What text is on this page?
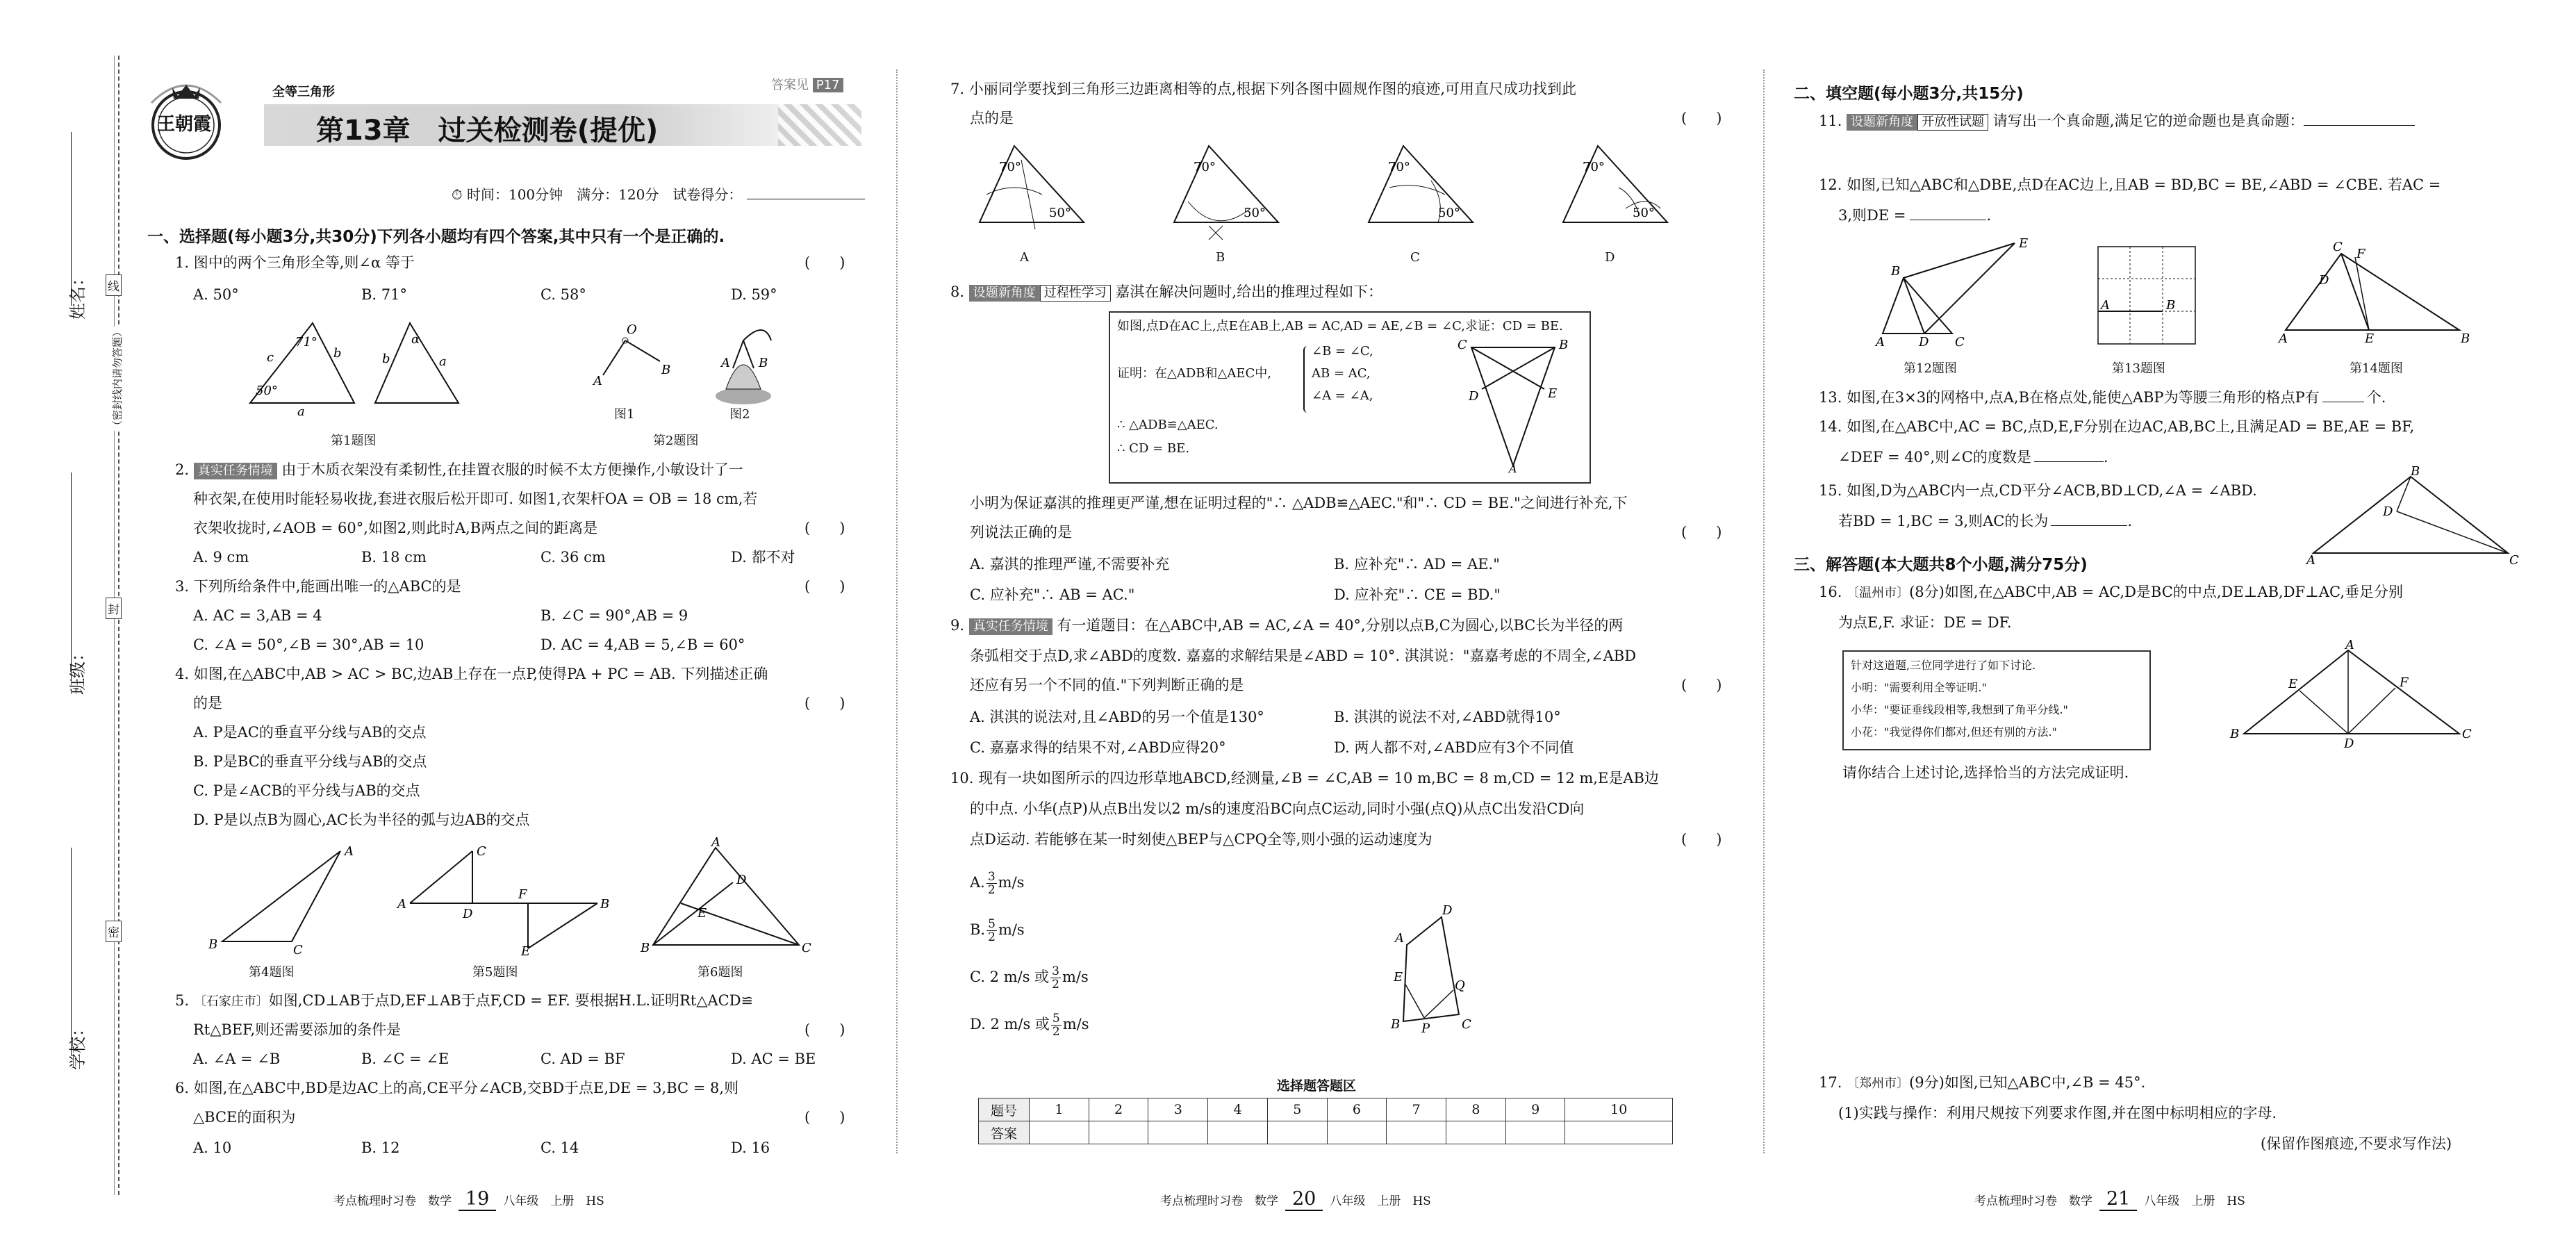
姓名：
班级：
学校：
线
封
密
（密封线内请勿答题）
王朝霞
全等三角形	答案见 P17
第13章　过关检测卷(提优)
⏱ 时间：100分钟　满分：120分　试卷得分：
一、选择题(每小题3分,共30分)下列各小题均有四个答案,其中只有一个是正确的.
1. 图中的两个三角形全等,则∠α 等于	(　　)
A. 50°	B. 71°	C. 58°	D. 59°
71°
50°
c	b
a
α
b	a
第1题图
O
A
B	A B
图1	图2
第2题图
2. 真实任务情境 由于木质衣架没有柔韧性,在挂置衣服的时候不太方便操作,小敏设计了一
种衣架,在使用时能轻易收拢,套进衣服后松开即可. 如图1,衣架杆OA = OB = 18 cm,若
衣架收拢时,∠AOB = 60°,如图2,则此时A,B两点之间的距离是	(　　)
A. 9 cm	B. 18 cm	C. 36 cm	D. 都不对
3. 下列所给条件中,能画出唯一的△ABC的是	(　　)
A. AC = 3,AB = 4	B. ∠C = 90°,AB = 9
C. ∠A = 50°,∠B = 30°,AB = 10	D. AC = 4,AB = 5,∠B = 60°
4. 如图,在△ABC中,AB > AC > BC,边AB上存在一点P,使得PA + PC = AB. 下列描述正确
的是	(　　)
A. P是AC的垂直平分线与AB的交点
B. P是BC的垂直平分线与AB的交点
C. P是∠ACB的平分线与AB的交点
D. P是以点B为圆心,AC长为半径的弧与边AB的交点
A
B	C
A
C
D
F
B
E
A
B	C
D
E
第4题图	第5题图	第6题图
5. 〔石家庄市〕如图,CD⊥AB于点D,EF⊥AB于点F,CD = EF. 要根据H.L.证明Rt△ACD≌
Rt△BEF,则还需要添加的条件是	(　　)
A. ∠A = ∠B	B. ∠C = ∠E	C. AD = BF	D. AC = BE
6. 如图,在△ABC中,BD是边AC上的高,CE平分∠ACB,交BD于点E,DE = 3,BC = 8,则
△BCE的面积为	(　　)
A. 10	B. 12	C. 14	D. 16
考点梳理时习卷　数学 19 八年级　上册　HS
7. 小丽同学要找到三角形三边距离相等的点,根据下列各图中圆规作图的痕迹,可用直尺成功找到此
点的是	(　　)
70°
50°
70°
50°
70°
50°
70°
50°
A	B	C	D
8. 设题新角度 过程性学习 嘉淇在解决问题时,给出的推理过程如下：
如图,点D在AC上,点E在AB上,AB = AC,AD = AE,∠B = ∠C,求证：CD = BE.
∠B = ∠C,
证明：在△ADB和△AEC中,	AB = AC,
∠A = ∠A,
∴ △ADB≌△AEC.
∴ CD = BE.
C	B
D	E
A
小明为保证嘉淇的推理更严谨,想在证明过程的"∴ △ADB≌△AEC."和"∴ CD = BE."之间进行补充,下
列说法正确的是	(　　)
A. 嘉淇的推理严谨,不需要补充	B. 应补充"∴ AD = AE."
C. 应补充"∴ AB = AC."	D. 应补充"∴ CE = BD."
9. 真实任务情境 有一道题目：在△ABC中,AB = AC,∠A = 40°,分别以点B,C为圆心,以BC长为半径的两
条弧相交于点D,求∠ABD的度数. 嘉嘉的求解结果是∠ABD = 10°. 淇淇说："嘉嘉考虑的不周全,∠ABD
还应有另一个不同的值."下列判断正确的是	(　　)
A. 淇淇的说法对,且∠ABD的另一个值是130°	B. 淇淇的说法不对,∠ABD就得10°
C. 嘉嘉求得的结果不对,∠ABD应得20°	D. 两人都不对,∠ABD应有3个不同值
10. 现有一块如图所示的四边形草地ABCD,经测量,∠B = ∠C,AB = 10 m,BC = 8 m,CD = 12 m,E是AB边
的中点. 小华(点P)从点B出发以2 m/s的速度沿BC向点C运动,同时小强(点Q)从点C出发沿CD向
点D运动. 若能够在某一时刻使△BEP与△CPQ全等,则小强的运动速度为	(　　)
A. $\frac{3}{2} m/s$
B. $\frac{5}{2} m/s$
C. 2 m/s 或 $\frac{3}{2} m/s$
D. 2 m/s 或 $\frac{5}{2} m/s$
D
A
E
Q
C
B P
选择题答题区
题号	1	2	3	4	5	6	7	8	9	10
答案										
考点梳理时习卷　数学 20 八年级　上册　HS
二、填空题(每小题3分,共15分)
11. 设题新角度 开放性试题 请写出一个真命题,满足它的逆命题也是真命题：
12. 如图,已知△ABC和△DBE,点D在AC边上,且AB = BD,BC = BE,∠ABD = ∠CBE. 若AC =
3,则DE =	.
E
B
A	D C
A	B
C F
D
A	E	B
第12题图	第13题图	第14题图
13. 如图,在3×3的网格中,点A,B在格点处,能使△ABP为等腰三角形的格点P有	个.
14. 如图,在△ABC中,AC = BC,点D,E,F分别在边AC,AB,BC上,且满足AD = BE,AE = BF,
∠DEF = 40°,则∠C的度数是	.
15. 如图,D为△ABC内一点,CD平分∠ACB,BD⊥CD,∠A = ∠ABD.
若BD = 1,BC = 3,则AC的长为	.
B
D
A	C
三、解答题(本大题共8个小题,满分75分)
16. 〔温州市〕(8分)如图,在△ABC中,AB = AC,D是BC的中点,DE⊥AB,DF⊥AC,垂足分别
为点E,F. 求证：DE = DF.
针对这道题,三位同学进行了如下讨论.
小明："需要利用全等证明."
小华："要证垂线段相等,我想到了角平分线."
小花："我觉得你们都对,但还有别的方法."
A
E	F
B
D
C
请你结合上述讨论,选择恰当的方法完成证明.
17. 〔郑州市〕(9分)如图,已知△ABC中,∠B = 45°.
(1)实践与操作：利用尺规按下列要求作图,并在图中标明相应的字母.
(保留作图痕迹,不要求写作法)
考点梳理时习卷　数学 21 八年级　上册　HS
